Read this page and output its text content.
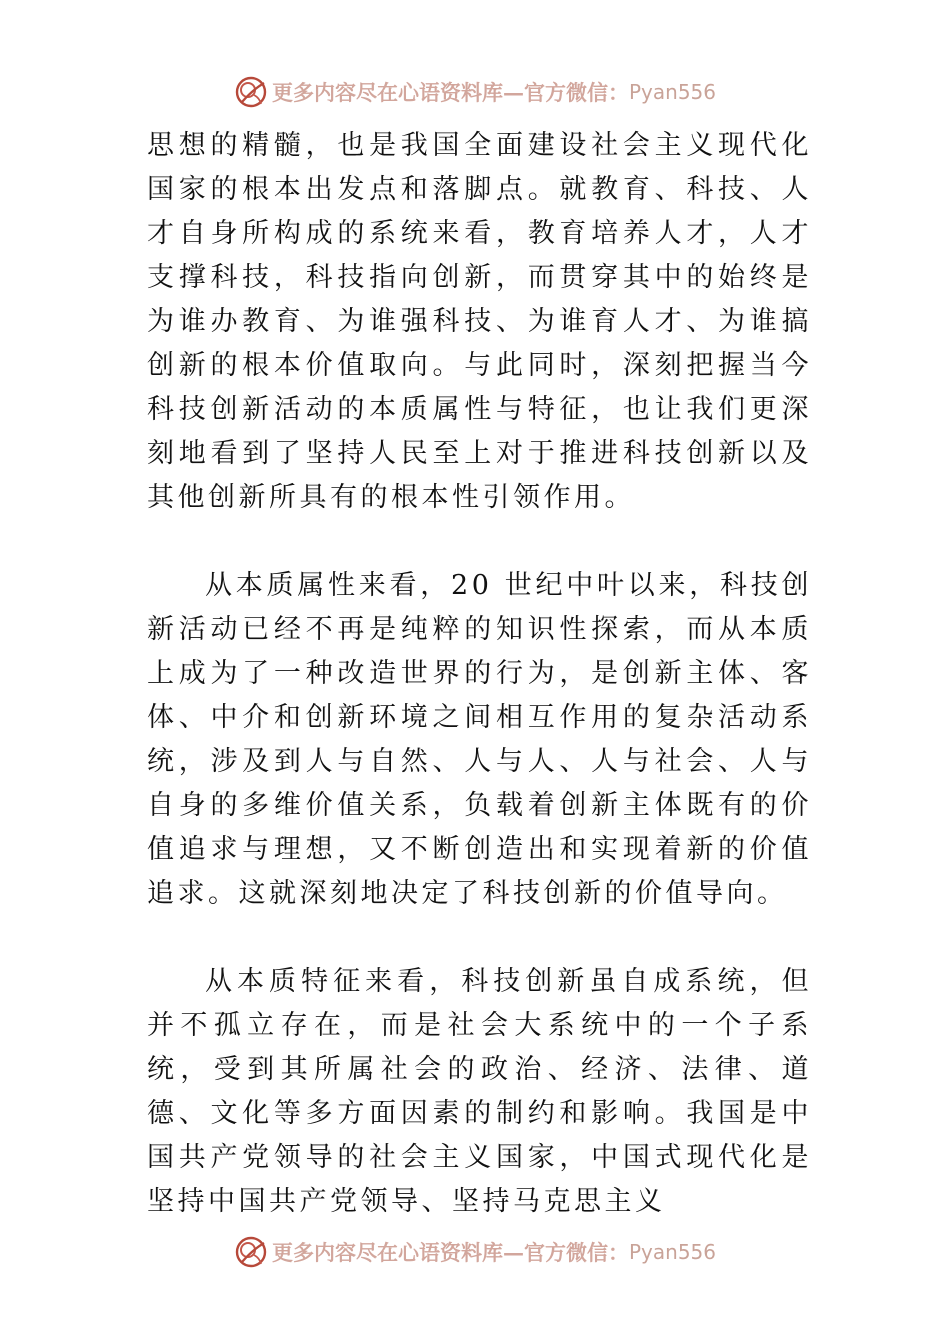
更多内容尽在心语资料库—官方微信： Pyan556

思想的精髓，也是我国全面建设社会主义现代化国家的根本出发点和落脚点。就教育、科技、人才自身所构成的系统来看，教育培养人才，人才支撑科技，科技指向创新，而贯穿其中的始终是为谁办教育、为谁强科技、为谁育人才、为谁搞创新的根本价值取向。与此同时，深刻把握当今科技创新活动的本质属性与特征，也让我们更深刻地看到了坚持人民至上对于推进科技创新以及其他创新所具有的根本性引领作用。

从本质属性来看，20 世纪中叶以来，科技创新活动已经不再是纯粹的知识性探索，而从本质上成为了一种改造世界的行为，是创新主体、客体、中介和创新环境之间相互作用的复杂活动系统，涉及到人与自然、人与人、人与社会、人与自身的多维价值关系，负载着创新主体既有的价值追求与理想，又不断创造出和实现着新的价值追求。这就深刻地决定了科技创新的价值导向。

从本质特征来看，科技创新虽自成系统，但并不孤立存在，而是社会大系统中的一个子系统，受到其所属社会的政治、经济、法律、道德、文化等多方面因素的制约和影响。我国是中国共产党领导的社会主义国家，中国式现代化是坚持中国共产党领导、坚持马克思主义

更多内容尽在心语资料库—官方微信： Pyan556
